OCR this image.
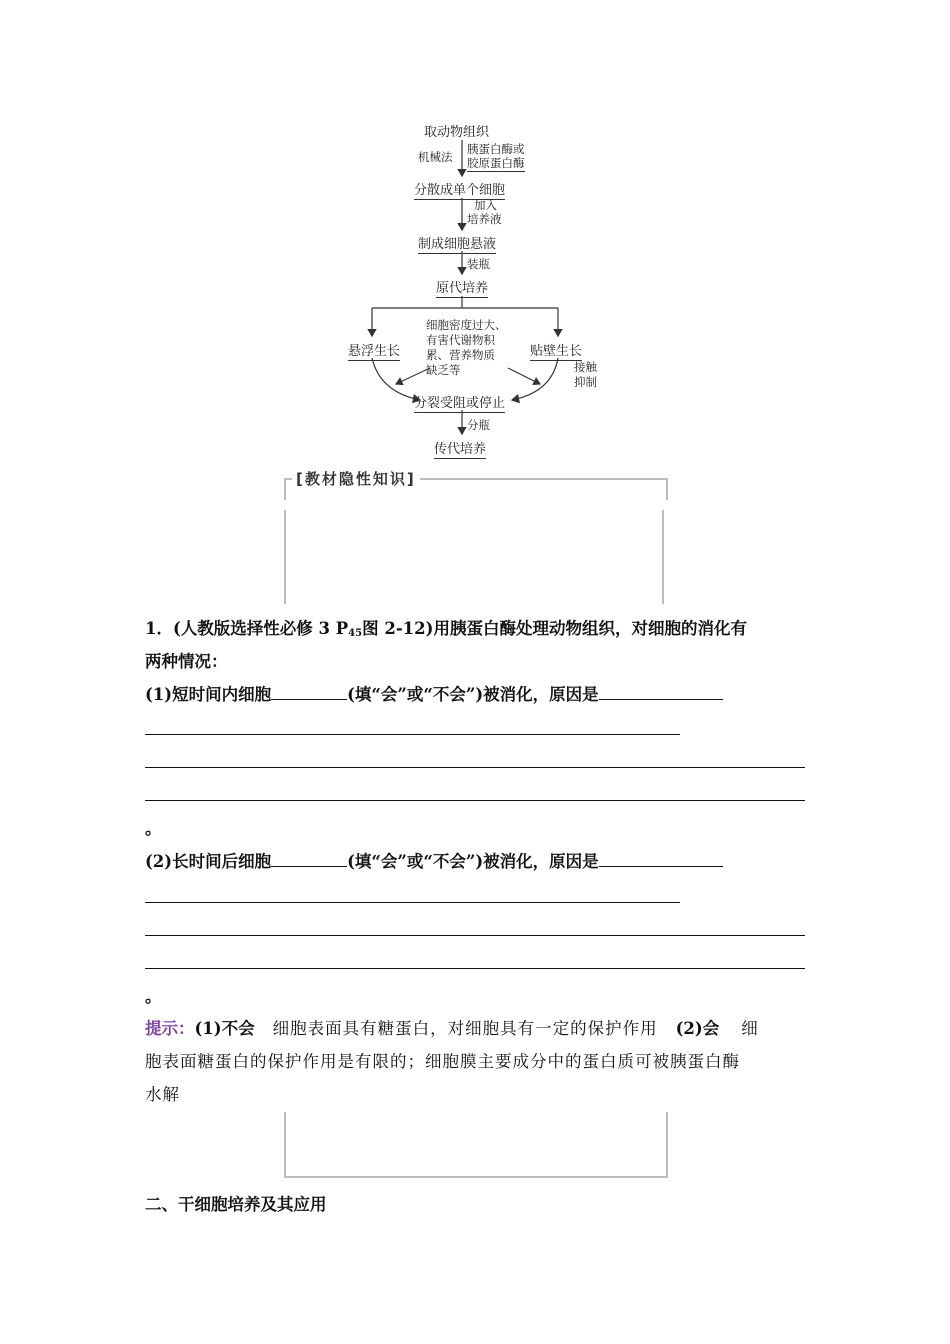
取动物组织
机械法
胰蛋白酶或
胶原蛋白酶
分散成单个细胞
加入
培养液
制成细胞悬液
装瓶
原代培养
悬浮生长	贴壁生长
细胞密度过大、
有害代谢物积
累、营养物质
缺乏等	接触
抑制
分裂受阻或停止
分瓶
传代培养
[教材隐性知识]
1．(人教版选择性必修 3 $P_{45}$图 2-12)用胰蛋白酶处理动物组织，对细胞的消化有
两种情况：
(1)短时间内细胞	(填“会”或“不会”)被消化，原因是
。
(2)长时间后细胞	(填“会”或“不会”)被消化，原因是
。
提示：(1)不会 细胞表面具有糖蛋白，对细胞具有一定的保护作用 (2)会 细
胞表面糖蛋白的保护作用是有限的；细胞膜主要成分中的蛋白质可被胰蛋白酶
水解
二、干细胞培养及其应用
